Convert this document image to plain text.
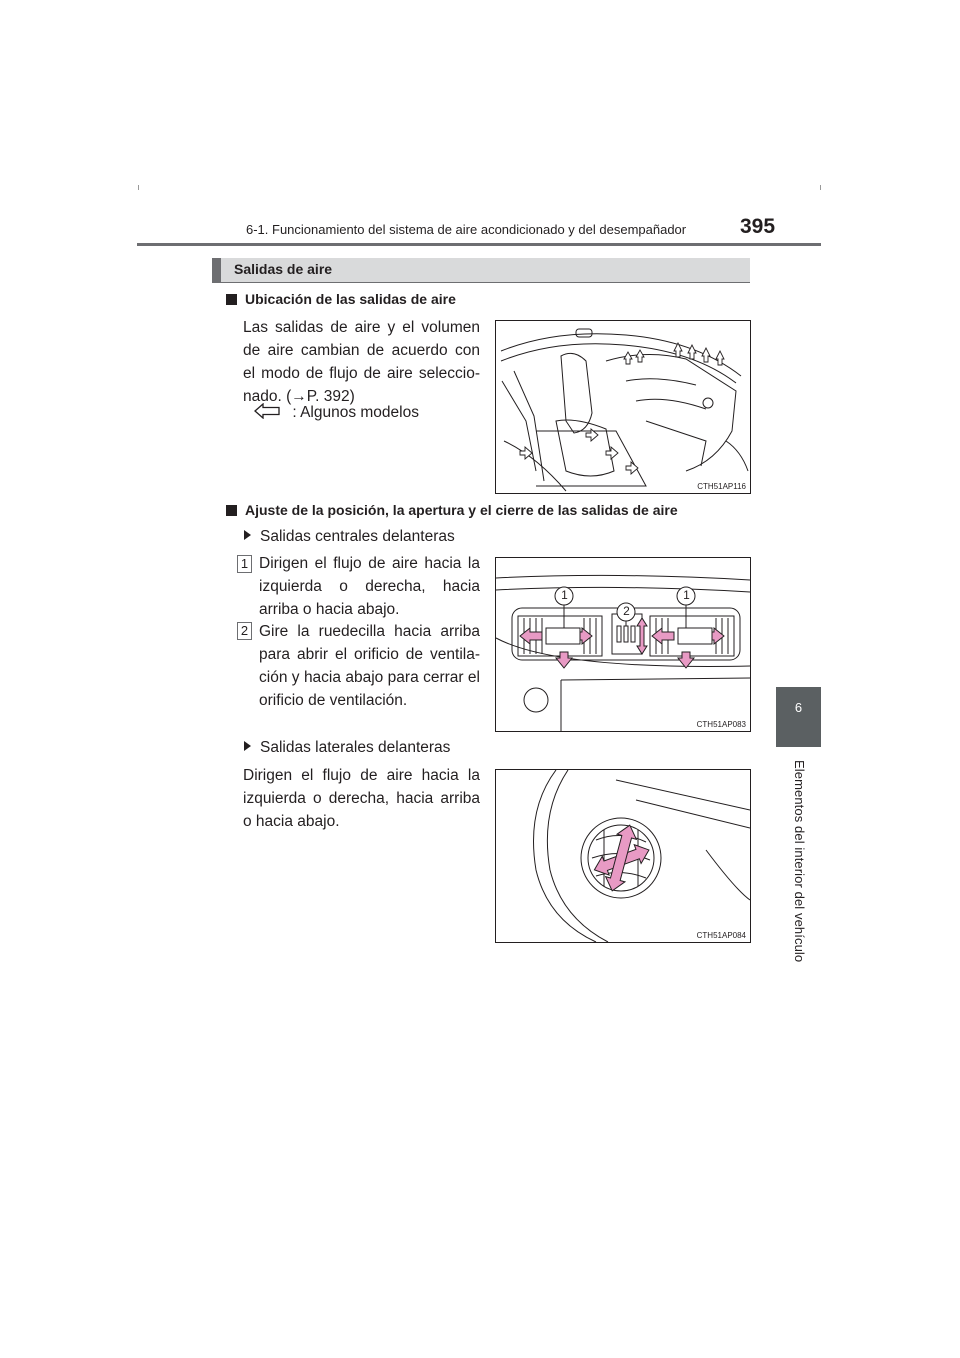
6-1. Funcionamiento del sistema de aire acondicionado y del desempañador	395
6
Elementos del interior del vehículo
Salidas de aire
Ubicación de las salidas de aire
Las salidas de aire y el volumen de aire cambian de acuerdo con el modo de flujo de aire seleccio-nado. (→P. 392)
: Algunos modelos
CTH51AP116
Ajuste de la posición, la apertura y el cierre de las salidas de aire
Salidas centrales delanteras
1 Dirigen el flujo de aire hacia la izquierda o derecha, hacia arriba o hacia abajo.
2 Gire la ruedecilla hacia arriba para abrir el orificio de ventila-ción y hacia abajo para cerrar el orificio de ventilación.
1
2
1
CTH51AP083
Salidas laterales delanteras
Dirigen el flujo de aire hacia la izquierda o derecha, hacia arriba o hacia abajo.
CTH51AP084
